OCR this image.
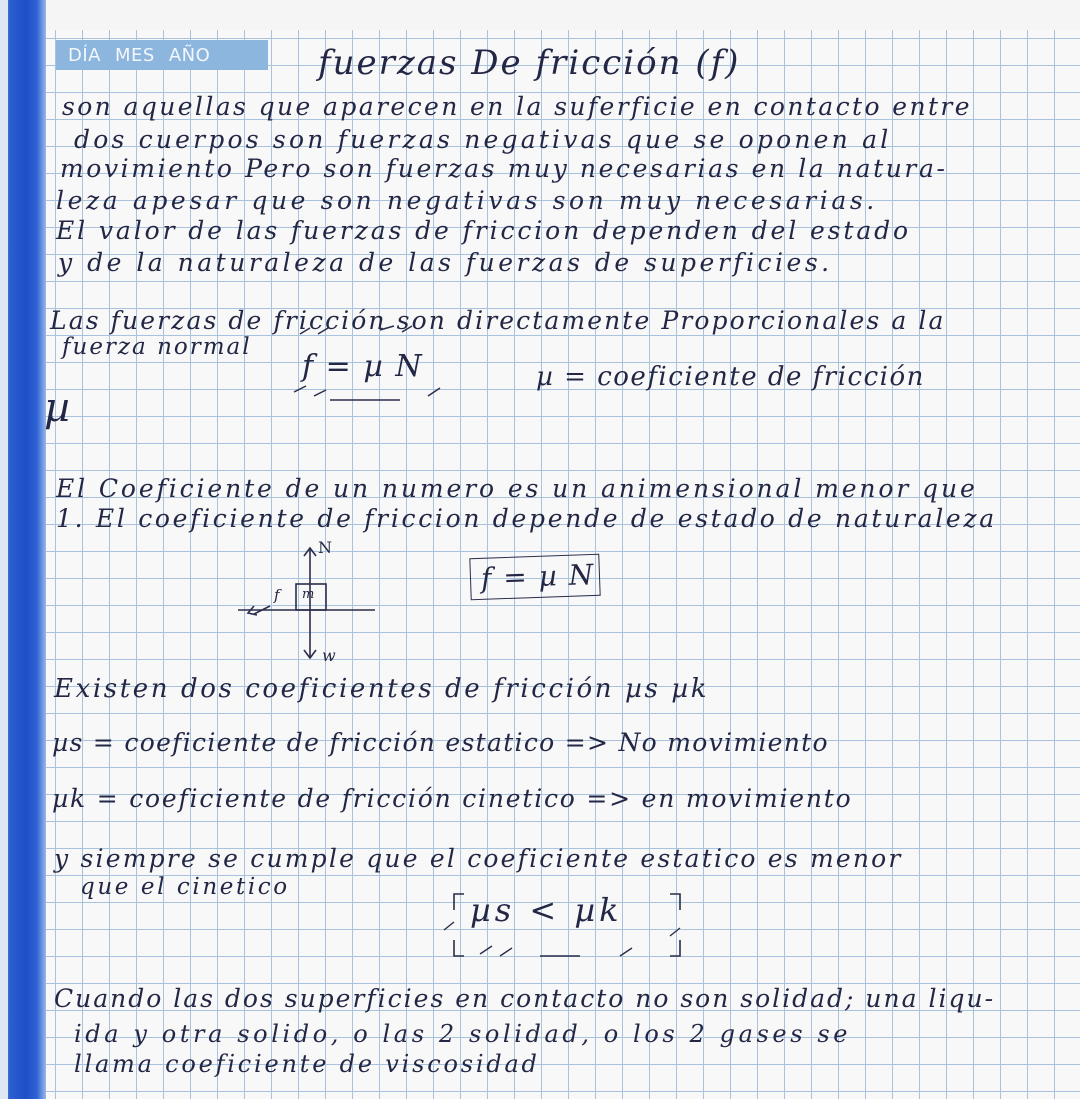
DÍA MES AÑO	fuerzas De fricción (f)

son aquellas que aparecen en la suferficie en contacto entre

dos cuerpos son fuerzas negativas que se oponen al

movimiento Pero son fuerzas muy necesarias en la natura-

leza apesar que son negativas son muy necesarias.

El valor de las fuerzas de friccion dependen del estado

y de la naturaleza de las fuerzas de superficies.

Las fuerzas de fricción son directamente Proporcionales a la

fuerza normal

f = µ N	µ = coeficiente de fricción

µ

El Coeficiente de un numero es un animensional menor que

1. El coeficiente de friccion depende de estado de naturaleza

N
f m
w
f = µ N

Existen dos coeficientes de fricción µs µk

µs = coeficiente de fricción estatico => No movimiento

µk = coeficiente de fricción cinetico => en movimiento

y siempre se cumple que el coeficiente estatico es menor

que el cinetico

µs < µk

Cuando las dos superficies en contacto no son solidad; una liqu-

ida y otra solido, o las 2 solidad, o los 2 gases se

llama coeficiente de viscosidad
